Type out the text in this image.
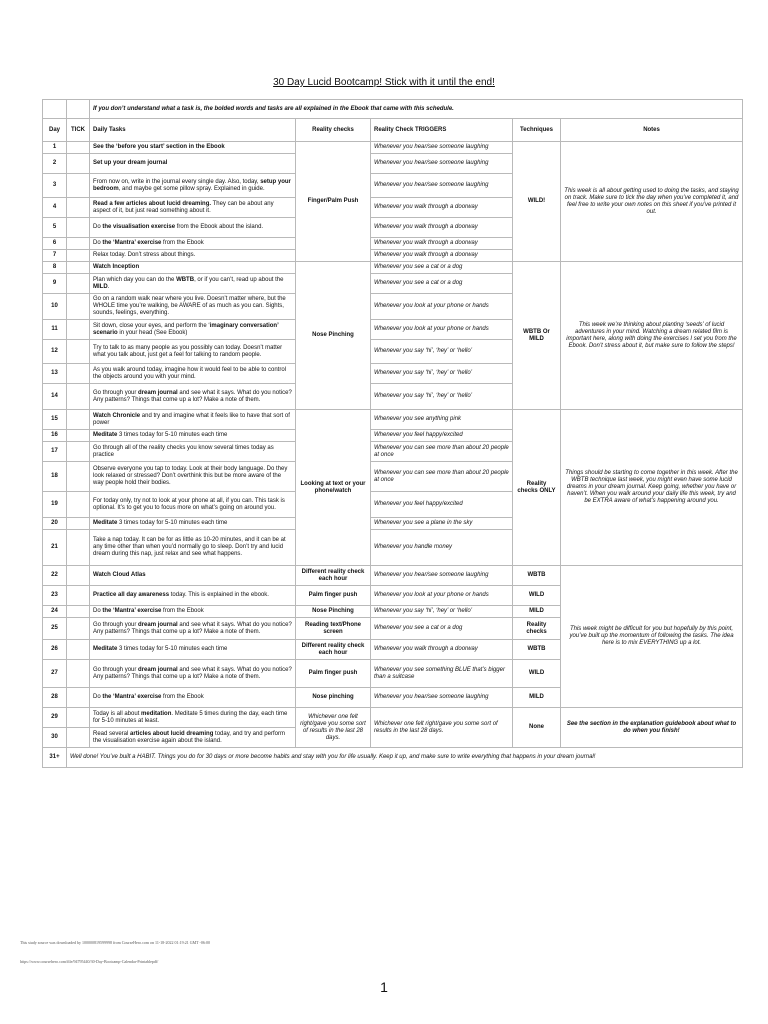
30 Day Lucid Bootcamp! Stick with it until the end!
		If you don’t understand what a task is, the bolded words and tasks are all explained in the Ebook that came with this schedule.				
Day	TICK	Daily Tasks	Reality checks	Reality Check TRIGGERS	Techniques	Notes
1		See the ‘before you start’ section in the Ebook	Finger/Palm Push	Whenever you hear/see someone laughing	WILD!	This week is all about getting used to doing the tasks, and staying on track. Make sure to tick the day when you’ve completed it, and feel free to write your own notes on this sheet if you’ve printed it out.
2		Set up your dream journal		Whenever you hear/see someone laughing		
3		From now on, write in the journal every single day. Also, today, setup your bedroom, and maybe get some pillow spray. Explained in guide.		Whenever you hear/see someone laughing		
4		Read a few articles about lucid dreaming. They can be about any aspect of it, but just read something about it.		Whenever you walk through a doorway		
5		Do the visualisation exercise from the Ebook about the island.		Whenever you walk through a doorway		
6		Do the ‘Mantra’ exercise from the Ebook		Whenever you walk through a doorway		
7		Relax today. Don’t stress about things.		Whenever you walk through a doorway		
8		Watch Inception	Nose Pinching	Whenever you see a cat or a dog	WBTB Or MILD	This week we’re thinking about planting ‘seeds’ of lucid adventures in your mind. Watching a dream related film is important here, along with doing the exercises I set you from the Ebook. Don’t stress about it, but make sure to follow the steps!
9		Plan which day you can do the WBTB, or if you can’t, read up about the MILD.		Whenever you see a cat or a dog		
10		Go on a random walk near where you live. Doesn’t matter where, but the WHOLE time you’re walking, be AWARE of as much as you can. Sights, sounds, feelings, everything.		Whenever you look at your phone or hands		
11		Sit down, close your eyes, and perform the ‘imaginary conversation’ scenario in your head (See Ebook)		Whenever you look at your phone or hands		
12		Try to talk to as many people as you possibly can today. Doesn’t matter what you talk about, just get a feel for talking to random people.		Whenever you say ‘hi’, ‘hey’ or ‘hello’		
13		As you walk around today, imagine how it would feel to be able to control the objects around you with your mind.		Whenever you say ‘hi’, ‘hey’ or ‘hello’		
14		Go through your dream journal and see what it says. What do you notice? Any patterns? Things that come up a lot? Make a note of them.		Whenever you say ‘hi’, ‘hey’ or ‘hello’		
15		Watch Chronicle and try and imagine what it feels like to have that sort of power	Looking at text or your phone/watch	Whenever you see anything pink	Reality checks ONLY	Things should be starting to come together in this week. After the WBTB technique last week, you might even have some lucid dreams in your dream journal. Keep going, whether you have or haven’t. When you walk around your daily life this week, try and be EXTRA aware of what’s happening around you.
16		Meditate 3 times today for 5-10 minutes each time		Whenever you feel happy/excited		
17		Go through all of the reality checks you know several times today as practice		Whenever you can see more than about 20 people at once		
18		Observe everyone you tap to today. Look at their body language. Do they look relaxed or stressed? Don’t overthink this but be more aware of the way people hold their bodies.		Whenever you can see more than about 20 people at once		
19		For today only, try not to look at your phone at all, if you can. This task is optional. It’s to get you to focus more on what’s going on around you.		Whenever you feel happy/excited		
20		Meditate 3 times today for 5-10 minutes each time		Whenever you see a plane in the sky		
21		Take a nap today. It can be for as little as 10-20 minutes, and it can be at any time other than when you’d normally go to sleep. Don’t try and lucid dream during this nap, just relax and see what happens.		Whenever you handle money		
22		Watch Cloud Atlas	Different reality check each hour	Whenever you hear/see someone laughing	WBTB	This week might be difficult for you but hopefully by this point, you’ve built up the momentum of following the tasks. The idea here is to mix EVERYTHING up a lot.
23		Practice all day awareness today. This is explained in the ebook.	Palm finger push	Whenever you look at your phone or hands	WILD	
24		Do the ‘Mantra’ exercise from the Ebook	Nose Pinching	Whenever you say ‘hi’, ‘hey’ or ‘hello’	MILD	
25		Go through your dream journal and see what it says. What do you notice? Any patterns? Things that come up a lot? Make a note of them.	Reading text/Phone screen	Whenever you see a cat or a dog	Reality checks	
26		Meditate 3 times today for 5-10 minutes each time	Different reality check each hour	Whenever you walk through a doorway	WBTB	
27		Go through your dream journal and see what it says. What do you notice? Any patterns? Things that come up a lot? Make a note of them.	Palm finger push	Whenever you see something BLUE that’s bigger than a suitcase	WILD	
28		Do the ‘Mantra’ exercise from the Ebook	Nose pinching	Whenever you hear/see someone laughing	MILD	
29		Today is all about meditation. Meditate 5 times during the day, each time for 5-10 minutes at least.	Whichever one felt right/gave you some sort of results in the last 28 days.	Whichever one felt right/gave you some sort of results in the last 28 days.	None	See the section in the explanation guidebook about what to do when you finish!
30		Read several articles about lucid dreaming today, and try and perform the visualisation exercise again about the island.				
31+	Well done! You’ve built a HABIT. Things you do for 30 days or more become habits and stay with you for life usually. Keep it up, and make sure to write everything that happens in your dream journal!					
This study source was downloaded by 100000819599998 from CourseHero.com on 11-18-2022 01:19:21 GMT -06:00
https://www.coursehero.com/file/94795440/30-Day-Bootcamp-Calendar-Printablepdf/
1
